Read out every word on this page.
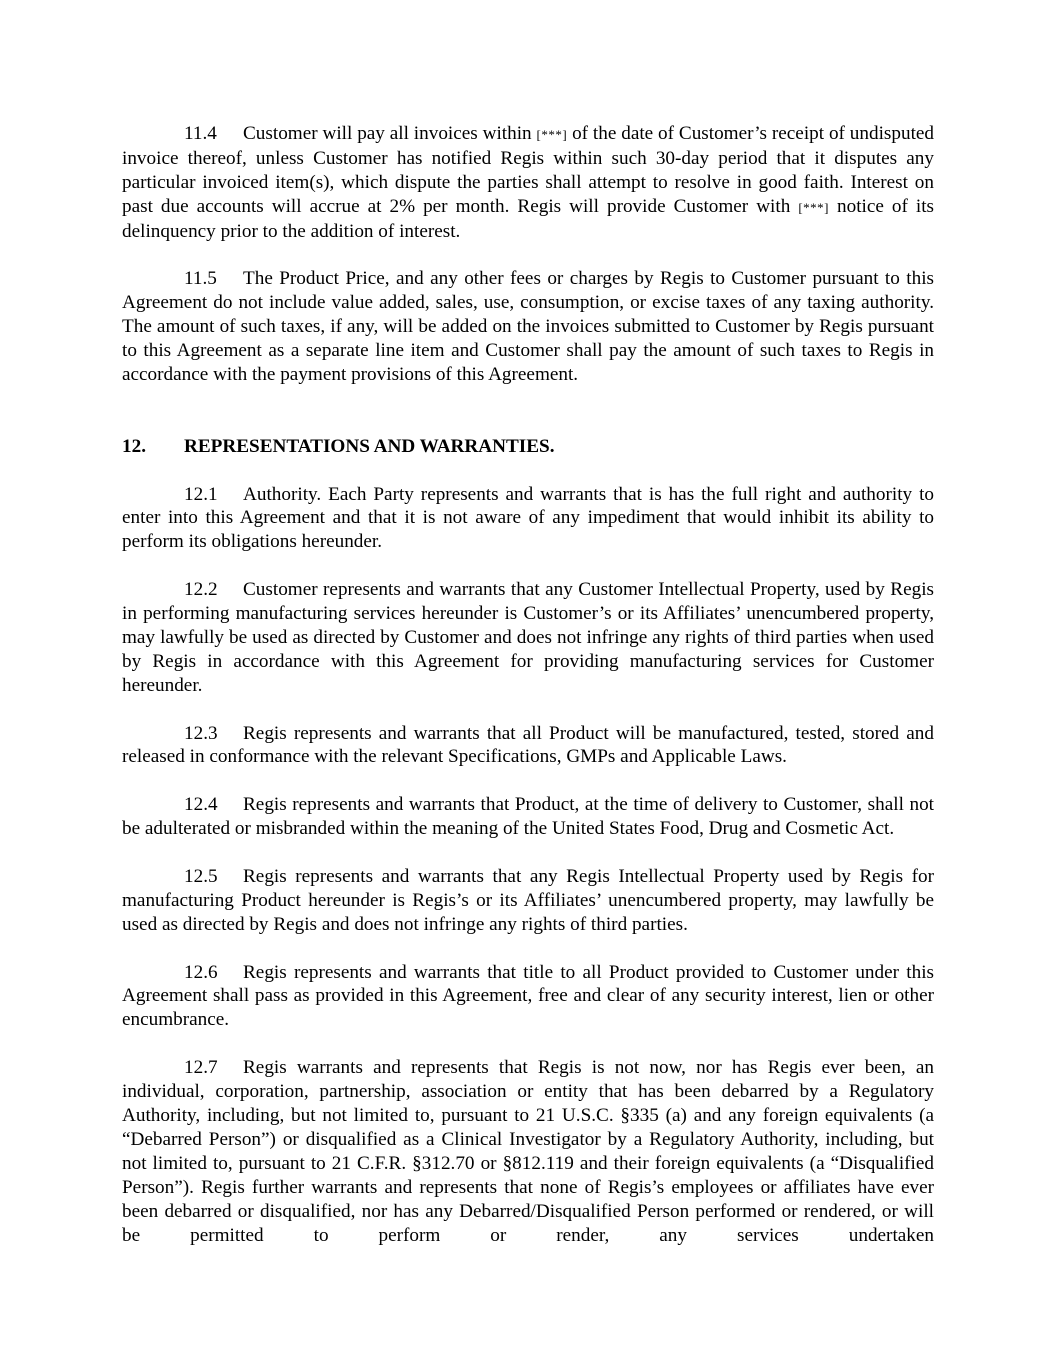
11.4 Customer will pay all invoices within [***] of the date of Customer’s receipt of undisputed invoice thereof, unless Customer has notified Regis within such 30-day period that it disputes any particular invoiced item(s), which dispute the parties shall attempt to resolve in good faith. Interest on past due accounts will accrue at 2% per month. Regis will provide Customer with [***] notice of its delinquency prior to the addition of interest.

11.5 The Product Price, and any other fees or charges by Regis to Customer pursuant to this Agreement do not include value added, sales, use, consumption, or excise taxes of any taxing authority. The amount of such taxes, if any, will be added on the invoices submitted to Customer by Regis pursuant to this Agreement as a separate line item and Customer shall pay the amount of such taxes to Regis in accordance with the payment provisions of this Agreement.

12. REPRESENTATIONS AND WARRANTIES.

12.1 Authority. Each Party represents and warrants that is has the full right and authority to enter into this Agreement and that it is not aware of any impediment that would inhibit its ability to perform its obligations hereunder.

12.2 Customer represents and warrants that any Customer Intellectual Property, used by Regis in performing manufacturing services hereunder is Customer’s or its Affiliates’ unencumbered property, may lawfully be used as directed by Customer and does not infringe any rights of third parties when used by Regis in accordance with this Agreement for providing manufacturing services for Customer hereunder.

12.3 Regis represents and warrants that all Product will be manufactured, tested, stored and released in conformance with the relevant Specifications, GMPs and Applicable Laws.

12.4 Regis represents and warrants that Product, at the time of delivery to Customer, shall not be adulterated or misbranded within the meaning of the United States Food, Drug and Cosmetic Act.

12.5 Regis represents and warrants that any Regis Intellectual Property used by Regis for manufacturing Product hereunder is Regis’s or its Affiliates’ unencumbered property, may lawfully be used as directed by Regis and does not infringe any rights of third parties.

12.6 Regis represents and warrants that title to all Product provided to Customer under this Agreement shall pass as provided in this Agreement, free and clear of any security interest, lien or other encumbrance.

12.7 Regis warrants and represents that Regis is not now, nor has Regis ever been, an individual, corporation, partnership, association or entity that has been debarred by a Regulatory Authority, including, but not limited to, pursuant to 21 U.S.C. §335 (a) and any foreign equivalents (a “Debarred Person”) or disqualified as a Clinical Investigator by a Regulatory Authority, including, but not limited to, pursuant to 21 C.F.R. §312.70 or §812.119 and their foreign equivalents (a “Disqualified Person”). Regis further warrants and represents that none of Regis’s employees or affiliates have ever been debarred or disqualified, nor has any Debarred/Disqualified Person performed or rendered, or will be permitted to perform or render, any services undertaken
